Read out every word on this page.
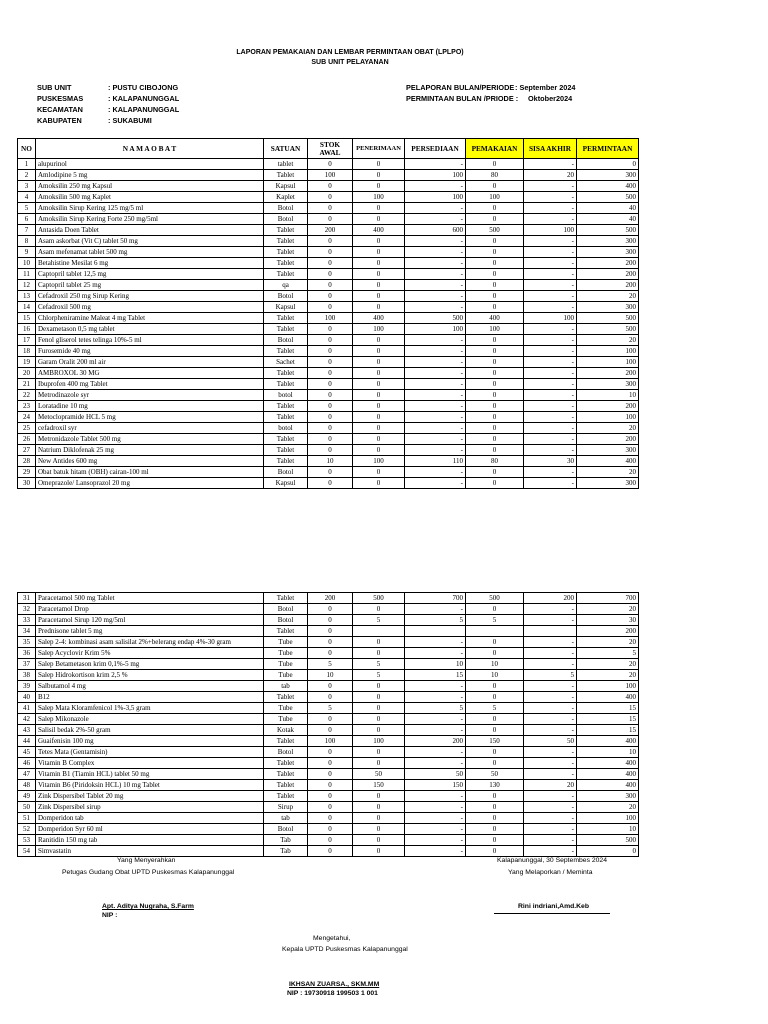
LAPORAN PEMAKAIAN DAN LEMBAR PERMINTAAN OBAT (LPLPO)
SUB UNIT PELAYANAN
SUB UNIT	: PUSTU CIBOJONG
PUSKESMAS	: KALAPANUNGGAL
KECAMATAN	: KALAPANUNGGAL
KABUPATEN	: SUKABUMI
PELAPORAN BULAN/PERIODE : September 2024
PERMINTAAN BULAN /PRIODE : Oktober2024
NO	N A M A O B A T	SATUAN	STOK AWAL	PENERIMAAN	PERSEDIAAN	PEMAKAIAN	SISA AKHIR	PERMINTAAN
1	alupurinol	tablet	0	0	-	0	-	0
2	Amlodipine 5 mg	Tablet	100	0	100	80	20	300
3	Amoksilin 250 mg Kapsul	Kapsul	0	0	-	0	-	400
4	Amoksilin 500 mg Kaplet	Kaplet	0	100	100	100	-	500
5	Amoksilin Sirup Kering 125 mg/5 ml	Botol	0	0	-	0	-	40
6	Amoksilin Sirup Kering Forte 250 mg/5ml	Botol	0	0	-	0	-	40
7	Antasida Doen Tablet	Tablet	200	400	600	500	100	500
8	Asam askorbat (Vit C) tablet 50 mg	Tablet	0	0	-	0	-	300
9	Asam mefenamat tablet 500 mg	Tablet	0	0	-	0	-	300
10	Betahistine Mesilat 6 mg	Tablet	0	0	-	0	-	200
11	Captopril tablet 12,5 mg	Tablet	0	0	-	0	-	200
12	Captopril tablet 25 mg	qa	0	0	-	0	-	200
13	Cefadroxil 250 mg Sirup Kering	Botol	0	0	-	0	-	20
14	Cefadroxil 500 mg	Kapsul	0	0	-	0	-	300
15	Chlorpheniramine Maleat 4 mg Tablet	Tablet	100	400	500	400	100	500
16	Dexametason 0,5 mg tablet	Tablet	0	100	100	100	-	500
17	Fenol gliserol tetes telinga 10%-5 ml	Botol	0	0	-	0	-	20
18	Furosemide 40 mg	Tablet	0	0	-	0	-	100
19	Garam Oralit 200 ml air	Sachet	0	0	-	0	-	100
20	AMBROXOL 30 MG	Tablet	0	0	-	0	-	200
21	Ibuprofen 400 mg Tablet	Tablet	0	0	-	0	-	300
22	Metrodinazole syr	botol	0	0	-	0	-	10
23	Loratadine 10 mg	Tablet	0	0	-	0	-	200
24	Metoclopramide HCL 5 mg	Tablet	0	0	-	0	-	100
25	cefadroxil syr	botol	0	0	-	0	-	20
26	Metronidazole Tablet 500 mg	Tablet	0	0	-	0	-	200
27	Natrium Diklofenak 25 mg	Tablet	0	0	-	0	-	300
28	New Antides 600 mg	Tablet	10	100	110	80	30	400
29	Obat batuk hitam (OBH) cairan-100 ml	Botol	0	0	-	0	-	20
30	Omeprazole/ Lansoprazol 20 mg	Kapsul	0	0	-	0	-	300
31	Paracetamol 500 mg Tablet	Tablet	200	500	700	500	200	700
32	Paracetamol Drop	Botol	0	0	-	0	-	20
33	Paracetamol Sirup 120 mg/5ml	Botol	0	5	5	5	-	30
34	Prednisone tablet 5 mg	Tablet	0					200
35	Salep 2-4: kombinasi asam salisilat 2%+belerang endap 4%-30 gram	Tube	0	0	-	0	-	20
36	Salep Acyclovir Krim 5%	Tube	0	0	-	0	-	5
37	Salep Betametason krim 0,1%-5 mg	Tube	5	5	10	10	-	20
38	Salep Hidrokortison krim 2,5 %	Tube	10	5	15	10	5	20
39	Salbutamol 4 mg	tab	0	0	-	0	-	100
40	B12	Tablet	0	0	-	0	-	400
41	Salep Mata Kloramfenicol 1%-3,5 gram	Tube	5	0	5	5	-	15
42	Salep Mikonazole	Tube	0	0	-	0	-	15
43	Salisil bedak 2%-50 gram	Kotak	0	0	-	0	-	15
44	Guaifenisin 100 mg	Tablet	100	100	200	150	50	400
45	Tetes Mata (Gentamisin)	Botol	0	0	-	0	-	10
46	Vitamin B Complex	Tablet	0	0	-	0	-	400
47	Vitamin B1 (Tiamin HCL) tablet 50 mg	Tablet	0	50	50	50	-	400
48	Vitamin B6 (Piridoksin HCL) 10 mg Tablet	Tablet	0	150	150	130	20	400
49	Zink Dispersibel Tablet 20 mg	Tablet	0	0	-	0	-	300
50	Zink Dispersibel sirup	Sirup	0	0	-	0	-	20
51	Domperidon tab	tab	0	0	-	0	-	100
52	Domperidon Syr 60 ml	Botol	0	0	-	0	-	10
53	Ranitidin 150 mg tab	Tab	0	0	-	0	-	500
54	Simvastatin	Tab	0	0	-	0	-	0
Yang Menyerahkan
Petugas Gudang Obat UPTD Puskesmas Kalapanunggal
Apt. Aditya Nugraha, S.Farm
NIP :
Kalapanunggal, 30 Septembes 2024
Yang Melaporkan / Meminta
Rini indriani,Amd.Keb
Mengetahui,
Kepala UPTD Puskesmas Kalapanunggal
IKHSAN ZUARSA., SKM.MM
NIP : 19730918 199503 1 001
